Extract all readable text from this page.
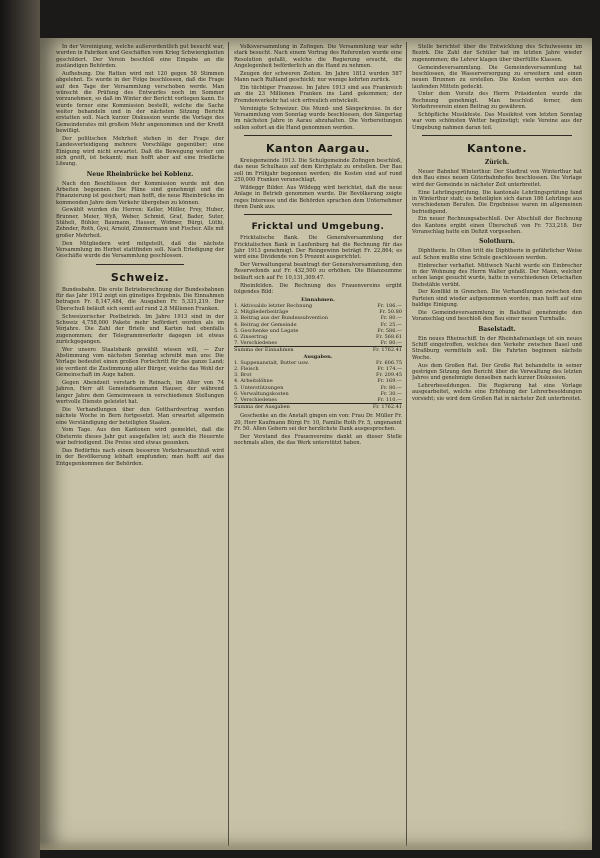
In der Vereinigung, welche außerordentlich gut besucht war, wurden in Fabriken und Geschäften vom Krieg Schwierigkeiten geschildert. Der Verein beschloß eine Eingabe an die zuständigen Behörden.

Aufhebung. Die Ratten wird mit 120 gegen 58 Stimmen abgelehnt. Es wurde in der Folge beschlossen, daß die Frage auf den Tage der Versammlung verschoben werde. Man wünscht die Prüfung des Entwurfes noch im Sommer vorzunehmen, so daß im Winter der Bericht vorliegen kann. Es wurde ferner eine Kommission bestellt, welche die Sache weiter behandeln und in der nächsten Sitzung Bericht erstatten soll. Nach kurzer Diskussion wurde die Vorlage des Gemeinderates mit großem Mehr angenommen und der Kredit bewilligt.

Der politischen Mehrheit stehen in der Frage der Landesverteidigung mehrere Vorschläge gegenüber; eine Einigung wird nicht erwartet. Daß die Bewegung weiter um sich greift, ist bekannt; man hofft aber auf eine friedliche Lösung.

Neue Rheinbrücke bei Koblenz.

Nach den Beschlüssen der Kommission wurde mit den Arbeiten begonnen. Die Pläne sind genehmigt und die Finanzierung ist gesichert; man hofft, die neue Rheinbrücke im kommenden Jahre dem Verkehr übergeben zu können.

Gewählt wurden die Herren: Keller, Müller, Frey, Huber, Brunner, Meier, Wyß, Weber, Schmid, Graf, Bader, Suter, Stäheli, Bühler, Baumann, Hauser, Widmer, Bürgi, Lüthi, Zehnder, Roth, Gysi, Arnold, Zimmermann und Fischer. Alle mit großer Mehrheit.

Den Mitgliedern wird mitgeteilt, daß die nächste Versammlung im Herbst stattfinden soll. Nach Erledigung der Geschäfte wurde die Versammlung geschlossen.

Schweiz.

Bundesbahn. Die erste Betriebsrechnung der Bundesbahnen für das Jahr 1912 zeigt ein günstiges Ergebnis. Die Einnahmen betragen Fr. 8,147,484, die Ausgaben Fr. 5,331,219. Der Überschuß beläuft sich somit auf rund 2,8 Millionen Franken.

Schweizerischer Postbetrieb. Im Jahre 1913 sind in der Schweiz 4,758,000 Pakete mehr befördert worden als im Vorjahre. Die Zahl der Briefe und Karten hat ebenfalls zugenommen; der Telegrammverkehr dagegen ist etwas zurückgegangen.

Wer unsere Staatsbank gewählt wissen will, — Zur Abstimmung vom nächsten Sonntag schreibt man uns: Die Vorlage bedeutet einen großen Fortschritt für das ganze Land; sie verdient die Zustimmung aller Bürger, welche das Wohl der Gemeinschaft im Auge haben.

Gegen Abendzeit verstarb in Reinach, im Alter von 74 Jahren, Herr alt Gemeindeammann Hauser, der während langer Jahre dem Gemeinwesen in verschiedenen Stellungen wertvolle Dienste geleistet hat.

Die Verhandlungen über den Gotthardvertrag werden nächste Woche in Bern fortgesetzt. Man erwartet allgemein eine Verständigung der beteiligten Staaten.

Vom Tage. Aus den Kantonen wird gemeldet, daß die Obsternte dieses Jahr gut ausgefallen ist; auch die Heuernte war befriedigend. Die Preise sind etwas gesunken.

Das Bedürfnis nach einem besseren Verkehrsanschluß wird in der Bevölkerung lebhaft empfunden; man hofft auf das Entgegenkommen der Behörden.

Volksversammlung in Zofingen. Die Versammlung war sehr stark besucht. Nach einem Vortrag des Referenten wurde eine Resolution gefaßt, welche die Regierung ersucht, die Angelegenheit beförderlich an die Hand zu nehmen.

Zeugen der schweren Zeiten. Im Jahre 1812 wurden 587 Mann nach Rußland geschickt; nur wenige kehrten zurück.

Ein tüchtiger Franzose. Im Jahre 1913 sind aus Frankreich an die 23 Millionen Franken ins Land gekommen; der Fremdenverkehr hat sich erfreulich entwickelt.

Vereinigte Schweizer. Die Mund- und Sängerkreise. In der Versammlung vom Sonntag wurde beschlossen, den Sängertag im nächsten Jahre in Aarau abzuhalten. Die Vorbereitungen sollen sofort an die Hand genommen werden.

Kanton Aargau.

Kreisgemeinde 1913. Die Schulgemeinde Zofingen beschloß, das neue Schulhaus auf dem Kirchplatz zu erstellen. Der Bau soll im Frühjahr begonnen werden; die Kosten sind auf rund 250,000 Franken veranschlagt.

Wildeggr Bilder. Aus Wildegg wird berichtet, daß die neue Anlage in Betrieb genommen wurde. Die Bevölkerung zeigte reges Interesse und die Behörden sprachen dem Unternehmer ihren Dank aus.

Fricktal und Umgebung.

Fricktalische Bank. Die Generalversammlung der Fricktalischen Bank in Laufenburg hat die Rechnung für das Jahr 1913 genehmigt. Der Reingewinn beträgt Fr. 22,864; es wird eine Dividende von 5 Prozent ausgerichtet.

Der Verwaltungsrat beantragt der Generalversammlung, den Reservefonds auf Fr. 432,500 zu erhöhen. Die Bilanzsumme beläuft sich auf Fr. 10,131,309.47.

Rheinfelden. Die Rechnung des Frauenvereins ergibt folgendes Bild:

Einnahmen.	
1. Aktivsaldo letzter Rechnung	Fr. 186.—
2. Mitgliederbeiträge	Fr. 50.80
3. Beitrag aus der Bundessubvention	Fr. 80.—
4. Beitrag der Gemeinde	Fr. 25.—
5. Geschenke und Legate	Fr. 586.—
6. Zinsertrag	Fr. 568.61
7. Verschiedenes	Fr. 80.—
Summa der Einnahmen	Fr. 1762.41
Ausgaben.	
1. Suppenanstalt, Butter usw.	Fr. 606.75
2. Fleisch	Fr. 174.—
3. Brot	Fr. 209.45
4. Arbeitslöhne	Fr. 169.—
5. Unterstützungen	Fr. 80.—
6. Verwaltungskosten	Fr. 30.—
7. Verschiedenes	Fr. 110.—
Summa der Ausgaben	Fr. 1762.41

Geschenke an die Anstalt gingen ein von: Frau Dr. Müller Fr. 20, Herr Kaufmann Bürgi Fr. 10, Familie Roth Fr. 5, ungenannt Fr. 50. Allen Gebern sei der herzlichste Dank ausgesprochen.

Der Vorstand des Frauenvereins dankt an dieser Stelle nochmals allen, die das Werk unterstützt haben.

Stelle berichtet über die Entwicklung des Schulwesens im Bezirk. Die Zahl der Schüler hat im letzten Jahre wieder zugenommen; die Lehrer klagen über überfüllte Klassen.

Gemeindeversammlung. Die Gemeindeversammlung hat beschlossen, die Wasserversorgung zu erweitern und einen neuen Brunnen zu erstellen. Die Kosten werden aus den laufenden Mitteln gedeckt.

Unter dem Vorsitz des Herrn Präsidenten wurde die Rechnung genehmigt. Man beschloß ferner, dem Verkehrsverein einen Beitrag zu gewähren.

Schöpfliche Musikfeste. Das Musikfest vom letzten Sonntag war vom schönsten Wetter begünstigt; viele Vereine aus der Umgebung nahmen daran teil.

Kantone.
Zürich.

Neuer Bahnhof Winterthur. Der Stadtrat von Winterthur hat den Bau eines neuen Güterbahnhofes beschlossen. Die Vorlage wird der Gemeinde in nächster Zeit unterbreitet.

Eine Lehrlingsprüfung. Die kantonale Lehrlingsprüfung fand in Winterthur statt; es beteiligten sich daran 186 Lehrlinge aus verschiedenen Berufen. Die Ergebnisse waren im allgemeinen befriedigend.

Ein neuer Rechnungsabschluß. Der Abschluß der Rechnung des Kantons ergibt einen Überschuß von Fr. 733,218. Der Voranschlag hatte ein Defizit vorgesehen.

Solothurn.

Diphtherie. In Olten tritt die Diphtherie in gefährlicher Weise auf. Schon mußte eine Schule geschlossen werden.

Einbrecher verhaftet. Mittwoch Nacht wurde ein Einbrecher in der Wohnung des Herrn Walter gefaßt. Der Mann, welcher schon lange gesucht wurde, hatte in verschiedenen Ortschaften Diebstähle verübt.

Der Konflikt in Grenchen. Die Verhandlungen zwischen den Parteien sind wieder aufgenommen worden; man hofft auf eine baldige Einigung.

Die Gemeindeversammlung in Balsthal genehmigte den Voranschlag und beschloß den Bau einer neuen Turnhalle.

Baselstadt.

Ein neues Rheinschiff. In der Rheinhafenanlage ist ein neues Schiff eingetroffen, welches den Verkehr zwischen Basel und Straßburg vermitteln soll. Die Fahrten beginnen nächste Woche.

Aus dem Großen Rat. Der Große Rat behandelte in seiner gestrigen Sitzung den Bericht über die Verwaltung des letzten Jahres und genehmigte denselben nach kurzer Diskussion.

Lehrerbesoldungen. Die Regierung hat eine Vorlage ausgearbeitet, welche eine Erhöhung der Lehrerbesoldungen vorsieht; sie wird dem Großen Rat in nächster Zeit unterbreitet.
